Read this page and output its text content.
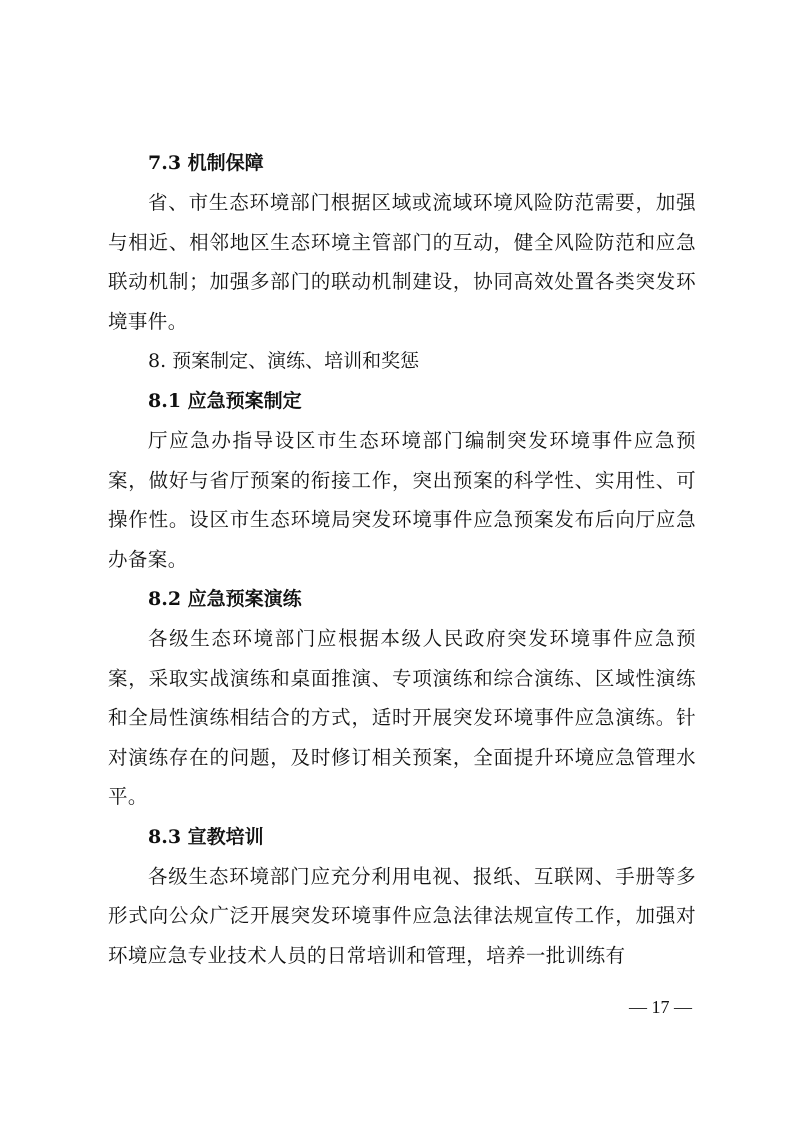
7.3 机制保障
省、市生态环境部门根据区域或流域环境风险防范需要，加强与相近、相邻地区生态环境主管部门的互动，健全风险防范和应急联动机制；加强多部门的联动机制建设，协同高效处置各类突发环境事件。
8. 预案制定、演练、培训和奖惩
8.1 应急预案制定
厅应急办指导设区市生态环境部门编制突发环境事件应急预案，做好与省厅预案的衔接工作，突出预案的科学性、实用性、可操作性。设区市生态环境局突发环境事件应急预案发布后向厅应急办备案。
8.2 应急预案演练
各级生态环境部门应根据本级人民政府突发环境事件应急预案，采取实战演练和桌面推演、专项演练和综合演练、区域性演练和全局性演练相结合的方式，适时开展突发环境事件应急演练。针对演练存在的问题，及时修订相关预案，全面提升环境应急管理水平。
8.3 宣教培训
各级生态环境部门应充分利用电视、报纸、互联网、手册等多形式向公众广泛开展突发环境事件应急法律法规宣传工作，加强对环境应急专业技术人员的日常培训和管理，培养一批训练有
— 17 —
